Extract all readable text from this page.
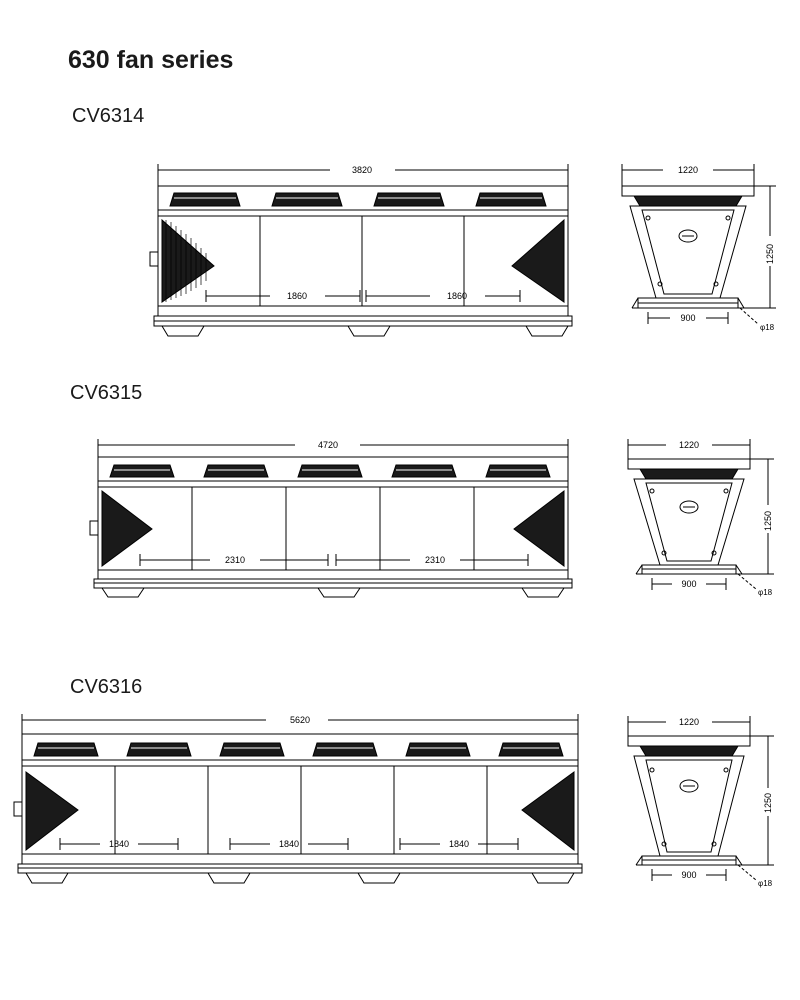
630 fan series
CV6314
3820
1860	1860
1220
900
1250
φ18
CV6315
4720
2310	2310
1220
900
1250
φ18
CV6316
5620
1840	1840	1840
1220
900
1250
φ18
